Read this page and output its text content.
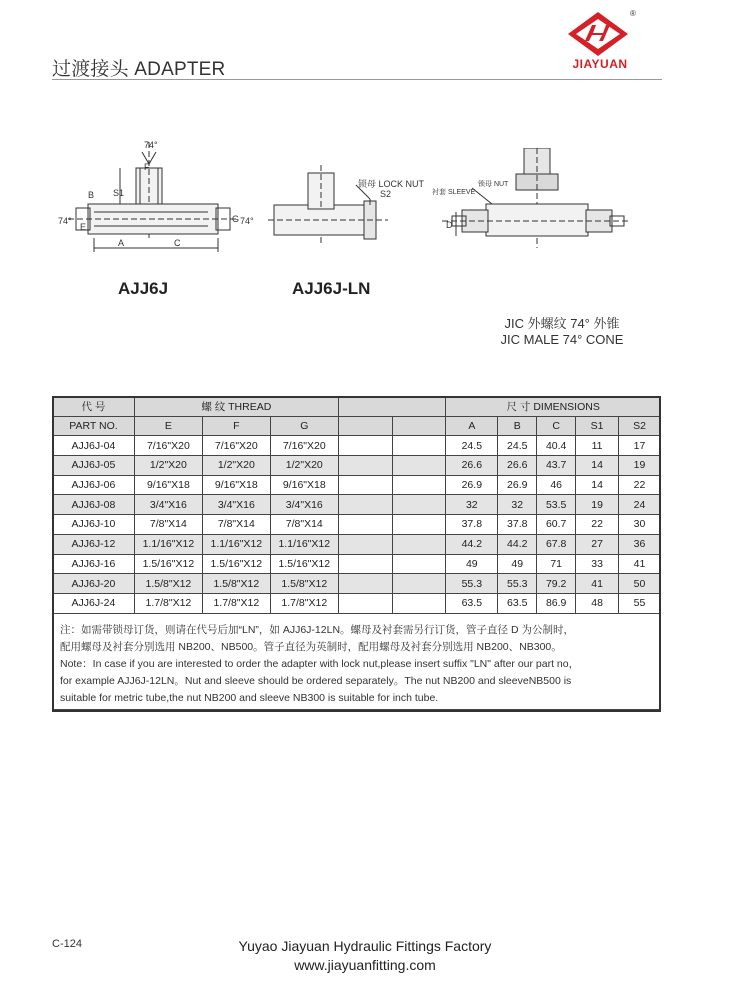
过渡接头 ADAPTER
®
JIAYUAN
74°
F
B S1
74°
E
G 74°
A	C
AJJ6J
锁母 LOCK NUT
S2
AJJ6J-LN
锁母 NUT
衬套 SLEEVE
D
JIC 外螺纹 74° 外锥
JIC MALE 74° CONE
代 号	螺 纹 THREAD					尺 寸 DIMENSIONS				
PART NO.	E	F	G			A	B	C	S1	S2
AJJ6J-04	7/16"X20	7/16"X20	7/16"X20			24.5	24.5	40.4	11	17
AJJ6J-05	1/2"X20	1/2"X20	1/2"X20			26.6	26.6	43.7	14	19
AJJ6J-06	9/16"X18	9/16"X18	9/16"X18			26.9	26.9	46	14	22
AJJ6J-08	3/4"X16	3/4"X16	3/4"X16			32	32	53.5	19	24
AJJ6J-10	7/8"X14	7/8"X14	7/8"X14			37.8	37.8	60.7	22	30
AJJ6J-12	1.1/16"X12	1.1/16"X12	1.1/16"X12			44.2	44.2	67.8	27	36
AJJ6J-16	1.5/16"X12	1.5/16"X12	1.5/16"X12			49	49	71	33	41
AJJ6J-20	1.5/8"X12	1.5/8"X12	1.5/8"X12			55.3	55.3	79.2	41	50
AJJ6J-24	1.7/8"X12	1.7/8"X12	1.7/8"X12			63.5	63.5	86.9	48	55

注：如需带锁母订货，则请在代号后加“LN”，如 AJJ6J-12LN。螺母及衬套需另行订货，管子直径 D 为公制时，
配用螺母及衬套分别选用 NB200、NB500。管子直径为英制时，配用螺母及衬套分别选用 NB200、NB300。
Note：In case if you are interested to order the adapter with lock nut,please insert suffix "LN" after our part no，
for example AJJ6J-12LN。Nut and sleeve should be ordered separately。The nut NB200 and sleeveNB500 is
suitable for metric tube,the nut NB200 and sleeve NB300 is suitable for inch tube.
C-124	Yuyao Jiayuan Hydraulic Fittings Factory
www.jiayuanfitting.com
